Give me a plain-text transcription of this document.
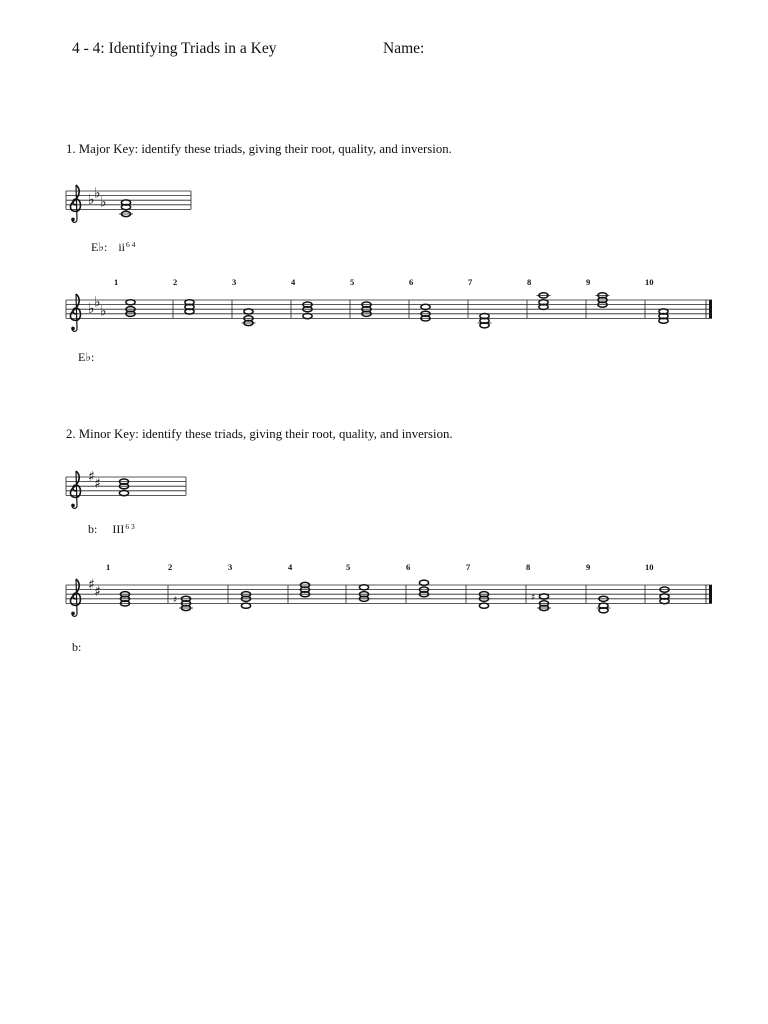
4 - 4: Identifying Triads in a Key	Name:
1. Major Key: identify these triads, giving their root, quality, and inversion.
♭ ♭
♭
♭ ♭
♭
1	2	3	4	5	6	7	8	9	10
♯ ♯
♯ ♯
1
♯
2	3	4	5	6	7
♯
8	9	10
E♭: ii6 4
E♭:
2. Minor Key: identify these triads, giving their root, quality, and inversion.
b: III6 3
b:
